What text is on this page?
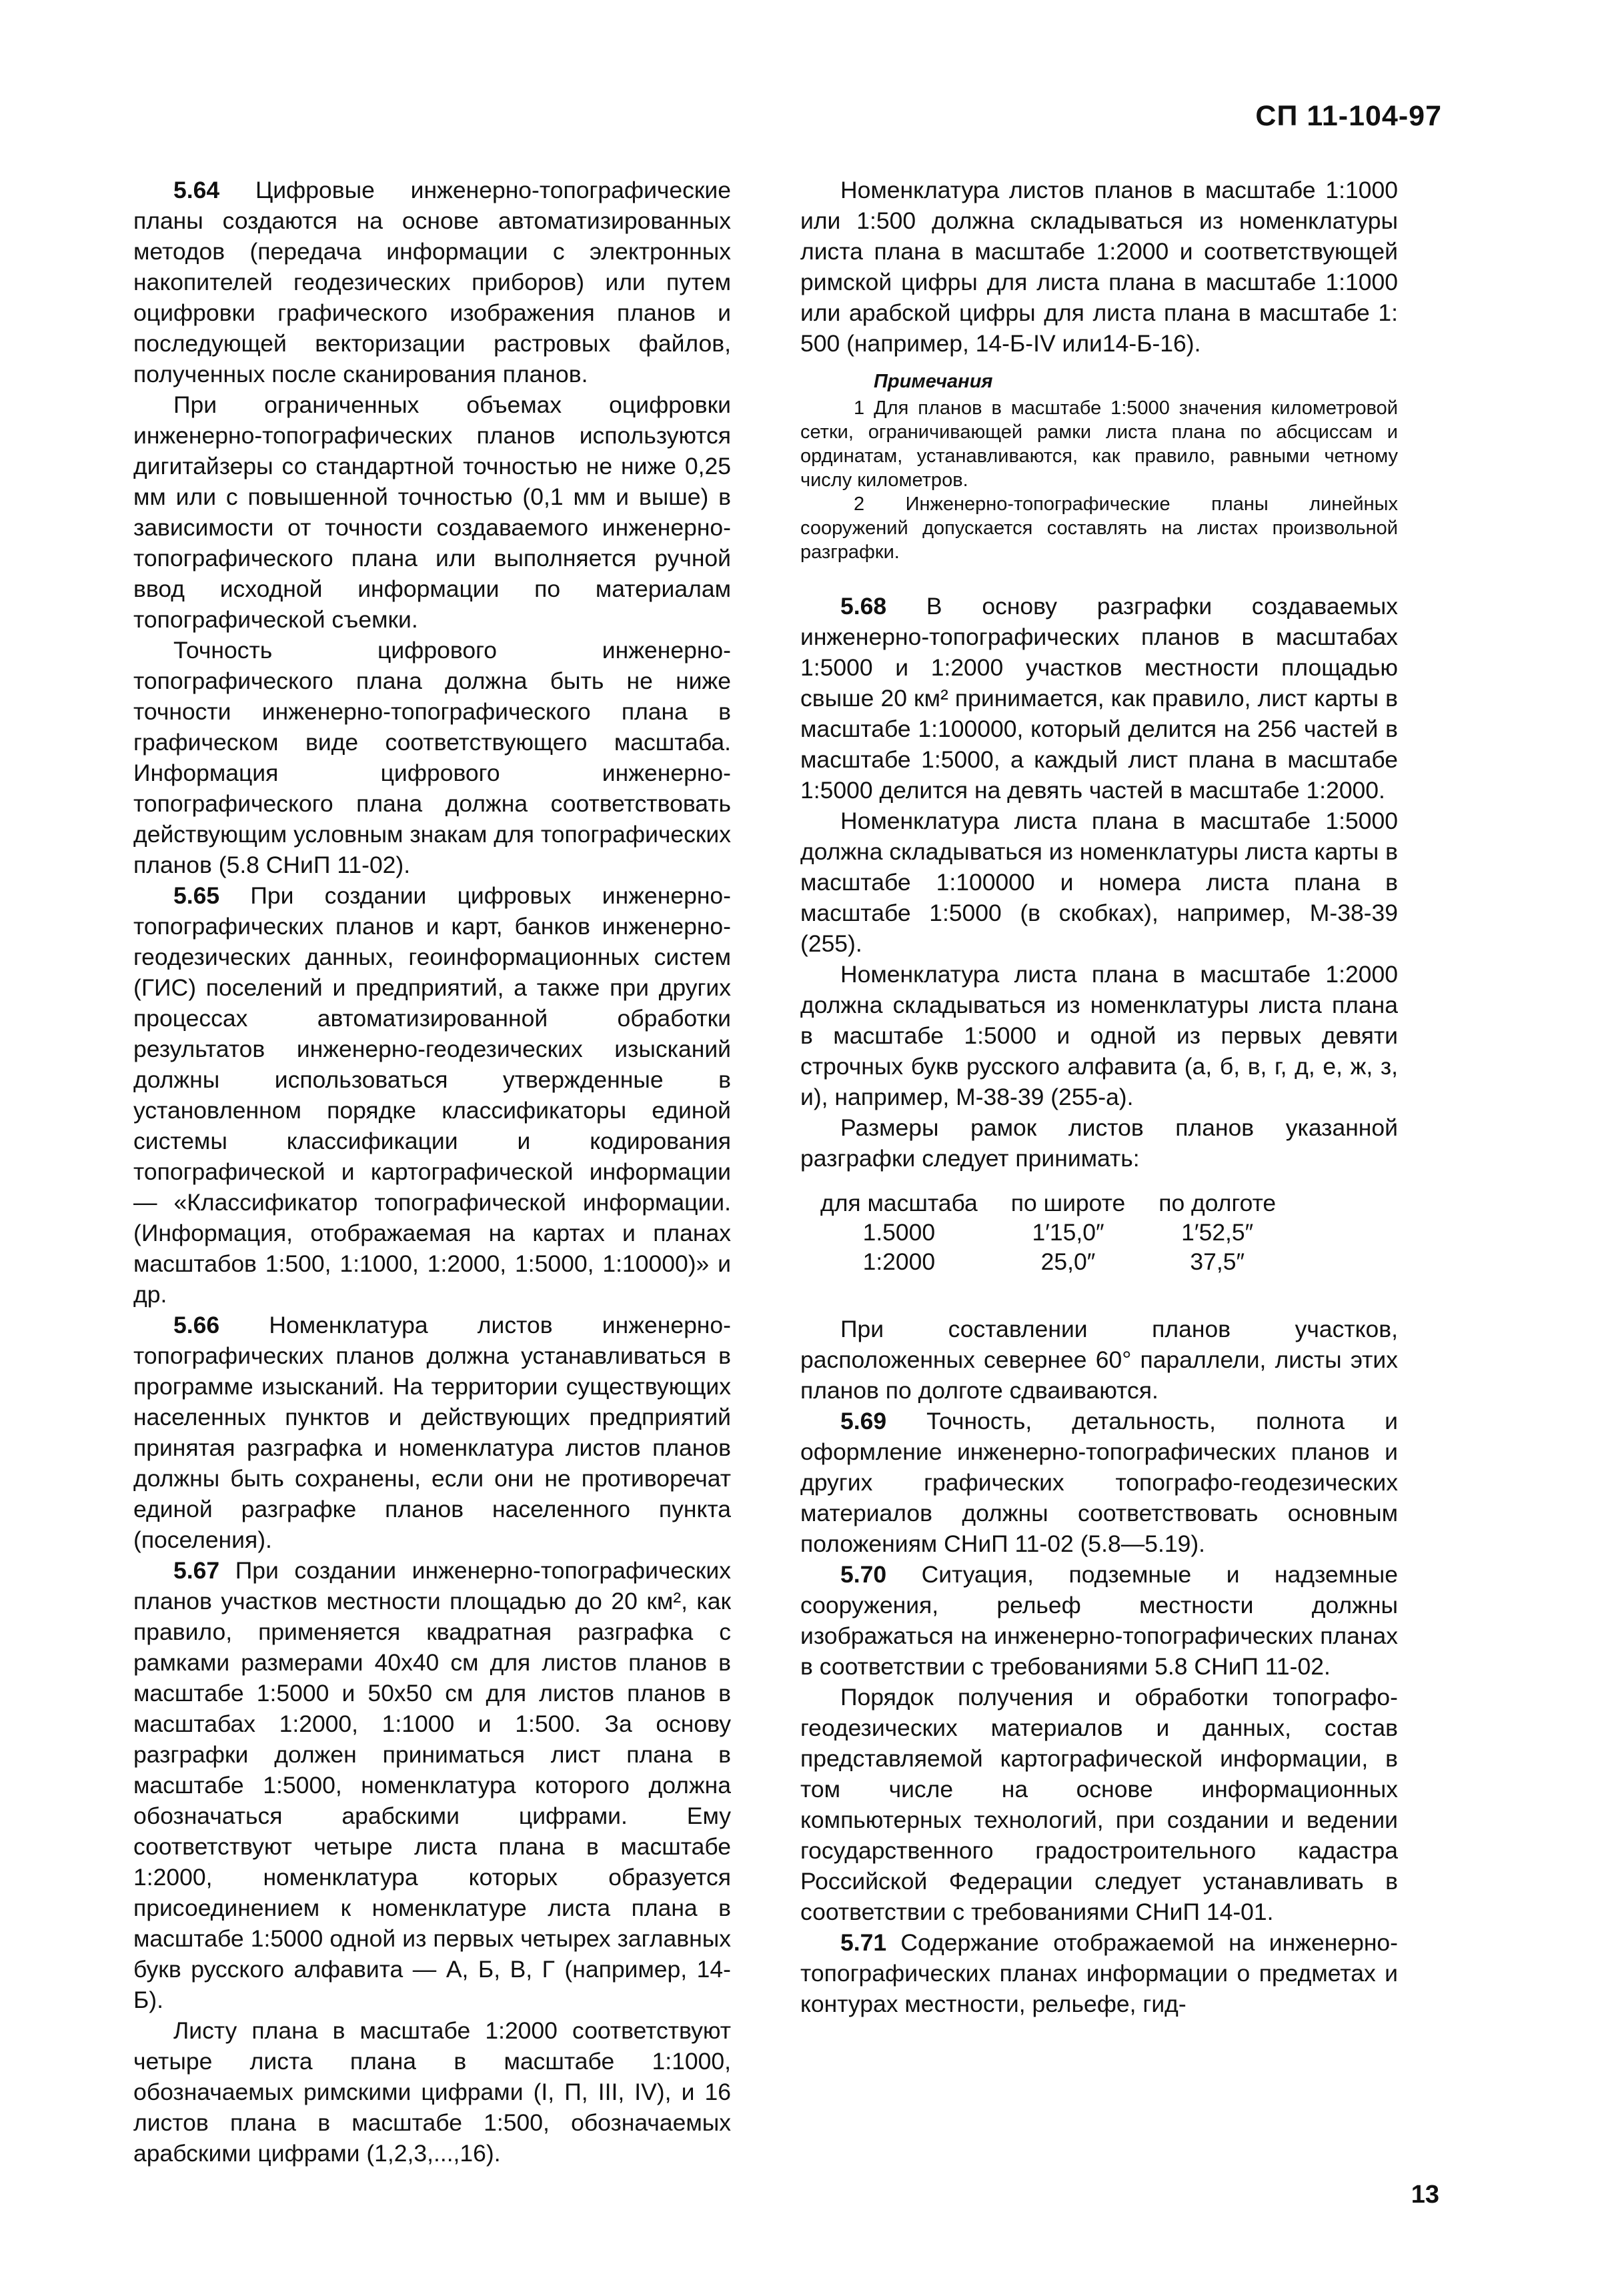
СП 11-104-97

5.64 Цифровые инженерно-топографические планы создаются на основе автоматизированных методов (передача информации с электронных накопителей геодезических приборов) или путем оцифровки графического изображения планов и последующей векторизации растровых файлов, полученных после сканирования планов.

При ограниченных объемах оцифровки инженерно-топографических планов используются дигитайзеры со стандартной точностью не ниже 0,25 мм или с повышенной точностью (0,1 мм и выше) в зависимости от точности создаваемого инженерно-топографического плана или выполняется ручной ввод исходной информации по материалам топографической съемки.

Точность цифрового инженерно-топографического плана должна быть не ниже точности инженерно-топографического плана в графическом виде соответствующего масштаба. Информация цифрового инженерно-топографического плана должна соответствовать действующим условным знакам для топографических планов (5.8 СНиП 11-02).

5.65 При создании цифровых инженерно-топографических планов и карт, банков инженерно-геодезических данных, геоинформационных систем (ГИС) поселений и предприятий, а также при других процессах автоматизированной обработки результатов инженерно-геодезических изысканий должны использоваться утвержденные в установленном порядке классификаторы единой системы классификации и кодирования топографической и картографической информации — «Классификатор топографической информации. (Информация, отображаемая на картах и планах масштабов 1:500, 1:1000, 1:2000, 1:5000, 1:10000)» и др.

5.66 Номенклатура листов инженерно-топографических планов должна устанавливаться в программе изысканий. На территории существующих населенных пунктов и действующих предприятий принятая разграфка и номенклатура листов планов должны быть сохранены, если они не противоречат единой разграфке планов населенного пункта (поселения).

5.67 При создании инженерно-топографических планов участков местности площадью до 20 км², как правило, применяется квадратная разграфка с рамками размерами 40х40 см для листов планов в масштабе 1:5000 и 50х50 см для листов планов в масштабах 1:2000, 1:1000 и 1:500. За основу разграфки должен приниматься лист плана в масштабе 1:5000, номенклатура которого должна обозначаться арабскими цифрами. Ему соответствуют четыре листа плана в масштабе 1:2000, номенклатура которых образуется присоединением к номенклатуре листа плана в масштабе 1:5000 одной из первых четырех заглавных букв русского алфавита — А, Б, В, Г (например, 14-Б).

Листу плана в масштабе 1:2000 соответствуют четыре листа плана в масштабе 1:1000, обозначаемых римскими цифрами (I, П, III, IV), и 16 листов плана в масштабе 1:500, обозначаемых арабскими цифрами (1,2,3,...,16).

Номенклатура листов планов в масштабе 1:1000 или 1:500 должна складываться из номенклатуры листа плана в масштабе 1:2000 и соответствующей римской цифры для листа плана в масштабе 1:1000 или арабской цифры для листа плана в масштабе 1: 500 (например, 14-Б-IV или14-Б-16).

Примечания

1 Для планов в масштабе 1:5000 значения километровой сетки, ограничивающей рамки листа плана по абсциссам и ординатам, устанавливаются, как правило, равными четному числу километров.

2 Инженерно-топографические планы линейных сооружений допускается составлять на листах произвольной разграфки.

5.68 В основу разграфки создаваемых инженерно-топографических планов в масштабах 1:5000 и 1:2000 участков местности площадью свыше 20 км² принимается, как правило, лист карты в масштабе 1:100000, который делится на 256 частей в масштабе 1:5000, а каждый лист плана в масштабе 1:5000 делится на девять частей в масштабе 1:2000.

Номенклатура листа плана в масштабе 1:5000 должна складываться из номенклатуры листа карты в масштабе 1:100000 и номера листа плана в масштабе 1:5000 (в скобках), например, М-38-39 (255).

Номенклатура листа плана в масштабе 1:2000 должна складываться из номенклатуры листа плана в масштабе 1:5000 и одной из первых девяти строчных букв русского алфавита (а, б, в, г, д, е, ж, з, и), например, М-38-39 (255-а).

Размеры рамок листов планов указанной разграфки следует принимать:

для масштаба	по широте	по долготе
1.5000	1′15,0″	1′52,5″
1:2000	25,0″	37,5″

При составлении планов участков, расположенных севернее 60° параллели, листы этих планов по долготе сдваиваются.

5.69 Точность, детальность, полнота и оформление инженерно-топографических планов и других графических топографо-геодезических материалов должны соответствовать основным положениям СНиП 11-02 (5.8—5.19).

5.70 Ситуация, подземные и надземные сооружения, рельеф местности должны изображаться на инженерно-топографических планах в соответствии с требованиями 5.8 СНиП 11-02.

Порядок получения и обработки топографо-геодезических материалов и данных, состав представляемой картографической информации, в том числе на основе информационных компьютерных технологий, при создании и ведении государственного градостроительного кадастра Российской Федерации следует устанавливать в соответствии с требованиями СНиП 14-01.

5.71 Содержание отображаемой на инженерно-топографических планах информации о предметах и контурах местности, рельефе, гид-

13
